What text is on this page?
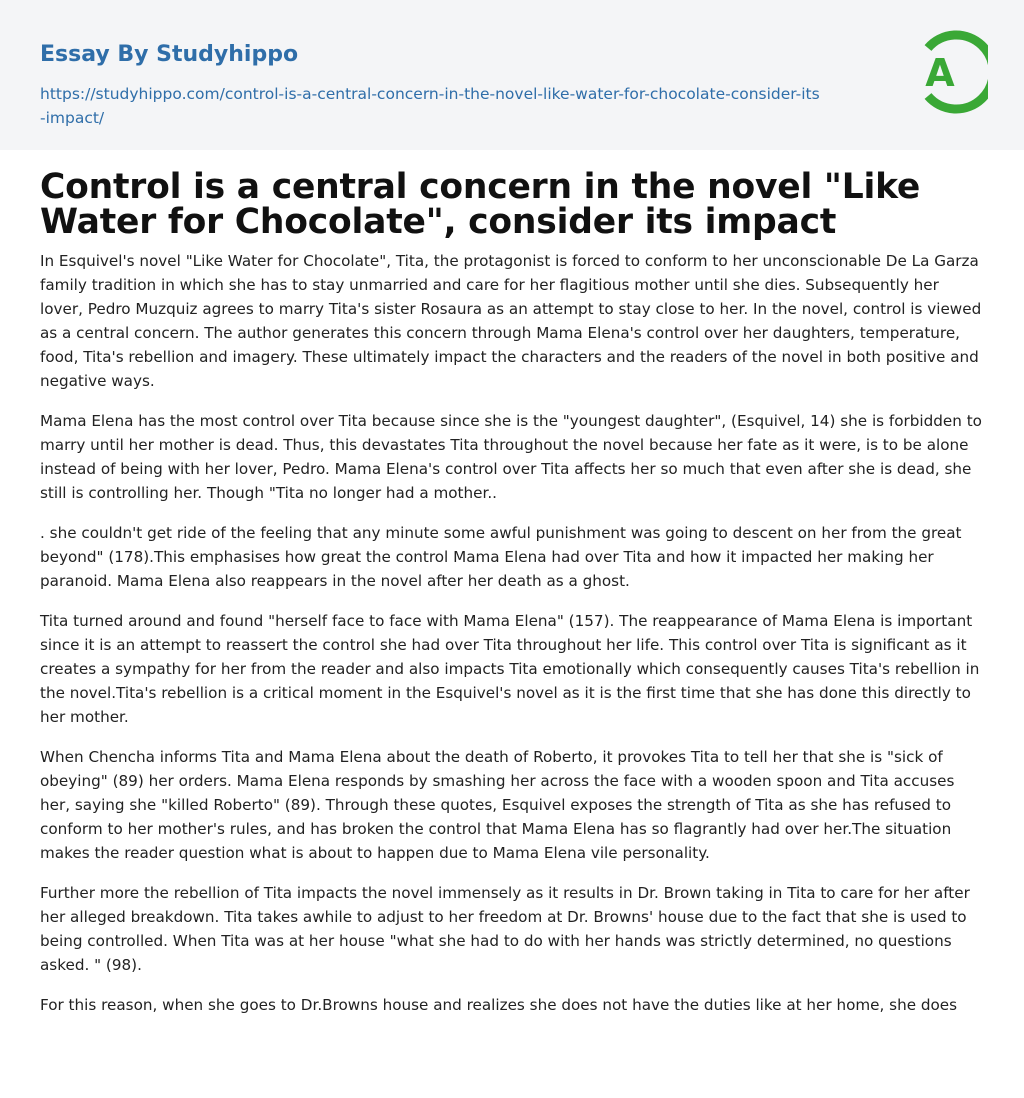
Essay By Studyhippo
https://studyhippo.com/control-is-a-central-concern-in-the-novel-like-water-for-chocolate-consider-its-impact/
A
Control is a central concern in the novel "Like Water for Chocolate", consider its impact

In Esquivel's novel "Like Water for Chocolate", Tita, the protagonist is forced to conform to her unconscionable De La Garza family tradition in which she has to stay unmarried and care for her flagitious mother until she dies. Subsequently her lover, Pedro Muzquiz agrees to marry Tita's sister Rosaura as an attempt to stay close to her. In the novel, control is viewed as a central concern. The author generates this concern through Mama Elena's control over her daughters, temperature, food, Tita's rebellion and imagery. These ultimately impact the characters and the readers of the novel in both positive and negative ways.

Mama Elena has the most control over Tita because since she is the "youngest daughter", (Esquivel, 14) she is forbidden to marry until her mother is dead. Thus, this devastates Tita throughout the novel because her fate as it were, is to be alone instead of being with her lover, Pedro. Mama Elena's control over Tita affects her so much that even after she is dead, she still is controlling her. Though "Tita no longer had a mother..

. she couldn't get ride of the feeling that any minute some awful punishment was going to descent on her from the great beyond" (178).This emphasises how great the control Mama Elena had over Tita and how it impacted her making her paranoid. Mama Elena also reappears in the novel after her death as a ghost.

Tita turned around and found "herself face to face with Mama Elena" (157). The reappearance of Mama Elena is important since it is an attempt to reassert the control she had over Tita throughout her life. This control over Tita is significant as it creates a sympathy for her from the reader and also impacts Tita emotionally which consequently causes Tita's rebellion in the novel.Tita's rebellion is a critical moment in the Esquivel's novel as it is the first time that she has done this directly to her mother.

When Chencha informs Tita and Mama Elena about the death of Roberto, it provokes Tita to tell her that she is "sick of obeying" (89) her orders. Mama Elena responds by smashing her across the face with a wooden spoon and Tita accuses her, saying she "killed Roberto" (89). Through these quotes, Esquivel exposes the strength of Tita as she has refused to conform to her mother's rules, and has broken the control that Mama Elena has so flagrantly had over her.The situation makes the reader question what is about to happen due to Mama Elena vile personality.

Further more the rebellion of Tita impacts the novel immensely as it results in Dr. Brown taking in Tita to care for her after her alleged breakdown. Tita takes awhile to adjust to her freedom at Dr. Browns' house due to the fact that she is used to being controlled. When Tita was at her house "what she had to do with her hands was strictly determined, no questions asked. " (98).

For this reason, when she goes to Dr.Browns house and realizes she does not have the duties like at her home, she does
